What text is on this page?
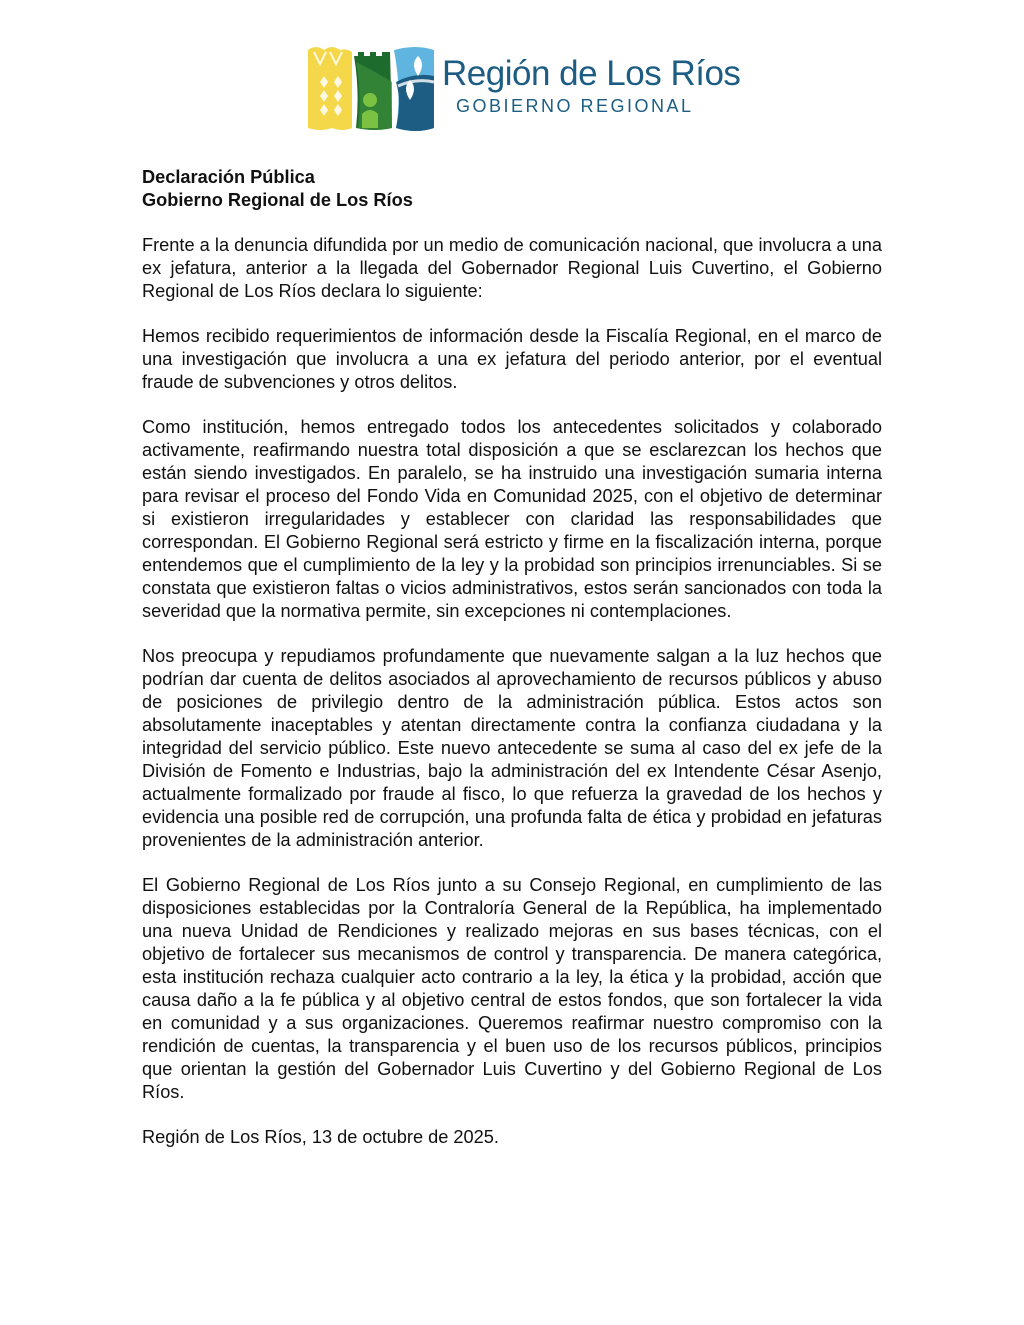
Región de Los Ríos
GOBIERNO REGIONAL

Declaración Pública

Gobierno Regional de Los Ríos

Frente a la denuncia difundida por un medio de comunicación nacional, que involucra a una ex jefatura, anterior a la llegada del Gobernador Regional Luis Cuvertino, el Gobierno Regional de Los Ríos declara lo siguiente:

Hemos recibido requerimientos de información desde la Fiscalía Regional, en el marco de una investigación que involucra a una ex jefatura del periodo anterior, por el eventual fraude de subvenciones y otros delitos.

Como institución, hemos entregado todos los antecedentes solicitados y colaborado activamente, reafirmando nuestra total disposición a que se esclarezcan los hechos que están siendo investigados. En paralelo, se ha instruido una investigación sumaria interna para revisar el proceso del Fondo Vida en Comunidad 2025, con el objetivo de determinar si existieron irregularidades y establecer con claridad las responsabilidades que correspondan. El Gobierno Regional será estricto y firme en la fiscalización interna, porque entendemos que el cumplimiento de la ley y la probidad son principios irrenunciables. Si se constata que existieron faltas o vicios administrativos, estos serán sancionados con toda la severidad que la normativa permite, sin excepciones ni contemplaciones.

Nos preocupa y repudiamos profundamente que nuevamente salgan a la luz hechos que podrían dar cuenta de delitos asociados al aprovechamiento de recursos públicos y abuso de posiciones de privilegio dentro de la administración pública. Estos actos son absolutamente inaceptables y atentan directamente contra la confianza ciudadana y la integridad del servicio público. Este nuevo antecedente se suma al caso del ex jefe de la División de Fomento e Industrias, bajo la administración del ex Intendente César Asenjo, actualmente formalizado por fraude al fisco, lo que refuerza la gravedad de los hechos y evidencia una posible red de corrupción, una profunda falta de ética y probidad en jefaturas provenientes de la administración anterior.

El Gobierno Regional de Los Ríos junto a su Consejo Regional, en cumplimiento de las disposiciones establecidas por la Contraloría General de la República, ha implementado una nueva Unidad de Rendiciones y realizado mejoras en sus bases técnicas, con el objetivo de fortalecer sus mecanismos de control y transparencia. De manera categórica, esta institución rechaza cualquier acto contrario a la ley, la ética y la probidad, acción que causa daño a la fe pública y al objetivo central de estos fondos, que son fortalecer la vida en comunidad y a sus organizaciones. Queremos reafirmar nuestro compromiso con la rendición de cuentas, la transparencia y el buen uso de los recursos públicos, principios que orientan la gestión del Gobernador Luis Cuvertino y del Gobierno Regional de Los Ríos.

Región de Los Ríos, 13 de octubre de 2025.
